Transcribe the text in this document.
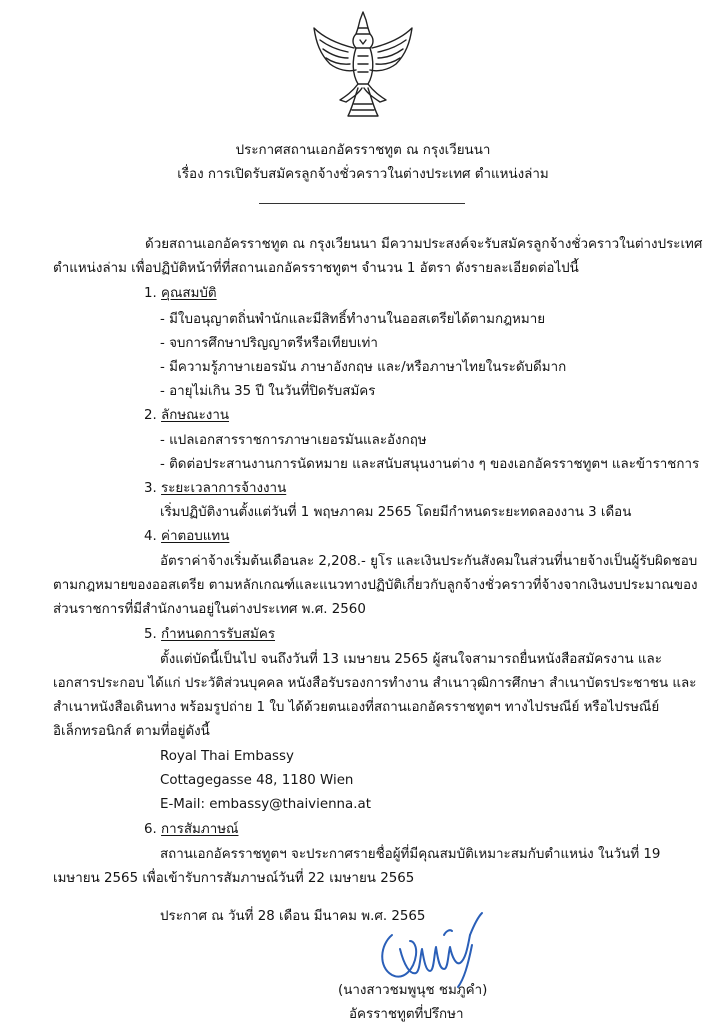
ประกาศสถานเอกอัครราชทูต ณ กรุงเวียนนา
เรื่อง การเปิดรับสมัครลูกจ้างชั่วคราวในต่างประเทศ ตำแหน่งล่าม
ด้วยสถานเอกอัครราชทูต ณ กรุงเวียนนา มีความประสงค์จะรับสมัครลูกจ้างชั่วคราวในต่างประเทศ
ตำแหน่งล่าม เพื่อปฏิบัติหน้าที่ที่สถานเอกอัครราชทูตฯ จำนวน 1 อัตรา ดังรายละเอียดต่อไปนี้
1. คุณสมบัติ
- มีใบอนุญาตถิ่นพำนักและมีสิทธิ์ทำงานในออสเตรียได้ตามกฎหมาย
- จบการศึกษาปริญญาตรีหรือเทียบเท่า
- มีความรู้ภาษาเยอรมัน ภาษาอังกฤษ และ/หรือภาษาไทยในระดับดีมาก
- อายุไม่เกิน 35 ปี ในวันที่ปิดรับสมัคร
2. ลักษณะงาน
- แปลเอกสารราชการภาษาเยอรมันและอังกฤษ
- ติดต่อประสานงานการนัดหมาย และสนับสนุนงานต่าง ๆ ของเอกอัครราชทูตฯ และข้าราชการ
3. ระยะเวลาการจ้างงาน
เริ่มปฏิบัติงานตั้งแต่วันที่ 1 พฤษภาคม 2565 โดยมีกำหนดระยะทดลองงาน 3 เดือน
4. ค่าตอบแทน
อัตราค่าจ้างเริ่มต้นเดือนละ 2,208.- ยูโร และเงินประกันสังคมในส่วนที่นายจ้างเป็นผู้รับผิดชอบ
ตามกฎหมายของออสเตรีย ตามหลักเกณฑ์และแนวทางปฏิบัติเกี่ยวกับลูกจ้างชั่วคราวที่จ้างจากเงินงบประมาณของ
ส่วนราชการที่มีสำนักงานอยู่ในต่างประเทศ พ.ศ. 2560
5. กำหนดการรับสมัคร
ตั้งแต่บัดนี้เป็นไป จนถึงวันที่ 13 เมษายน 2565 ผู้สนใจสามารถยื่นหนังสือสมัครงาน และ
เอกสารประกอบ ได้แก่ ประวัติส่วนบุคคล หนังสือรับรองการทำงาน สำเนาวุฒิการศึกษา สำเนาบัตรประชาชน และ
สำเนาหนังสือเดินทาง พร้อมรูปถ่าย 1 ใบ ได้ด้วยตนเองที่สถานเอกอัครราชทูตฯ ทางไปรษณีย์ หรือไปรษณีย์
อิเล็กทรอนิกส์ ตามที่อยู่ดังนี้
Royal Thai Embassy
Cottagegasse 48, 1180 Wien
E-Mail: embassy@thaivienna.at
6. การสัมภาษณ์
สถานเอกอัครราชทูตฯ จะประกาศรายชื่อผู้ที่มีคุณสมบัติเหมาะสมกับตำแหน่ง ในวันที่ 19
เมษายน 2565 เพื่อเข้ารับการสัมภาษณ์วันที่ 22 เมษายน 2565
ประกาศ ณ วันที่ 28 เดือน มีนาคม พ.ศ. 2565
(นางสาวชมพูนุช ชมภูคำ)
อัครราชทูตที่ปรึกษา
